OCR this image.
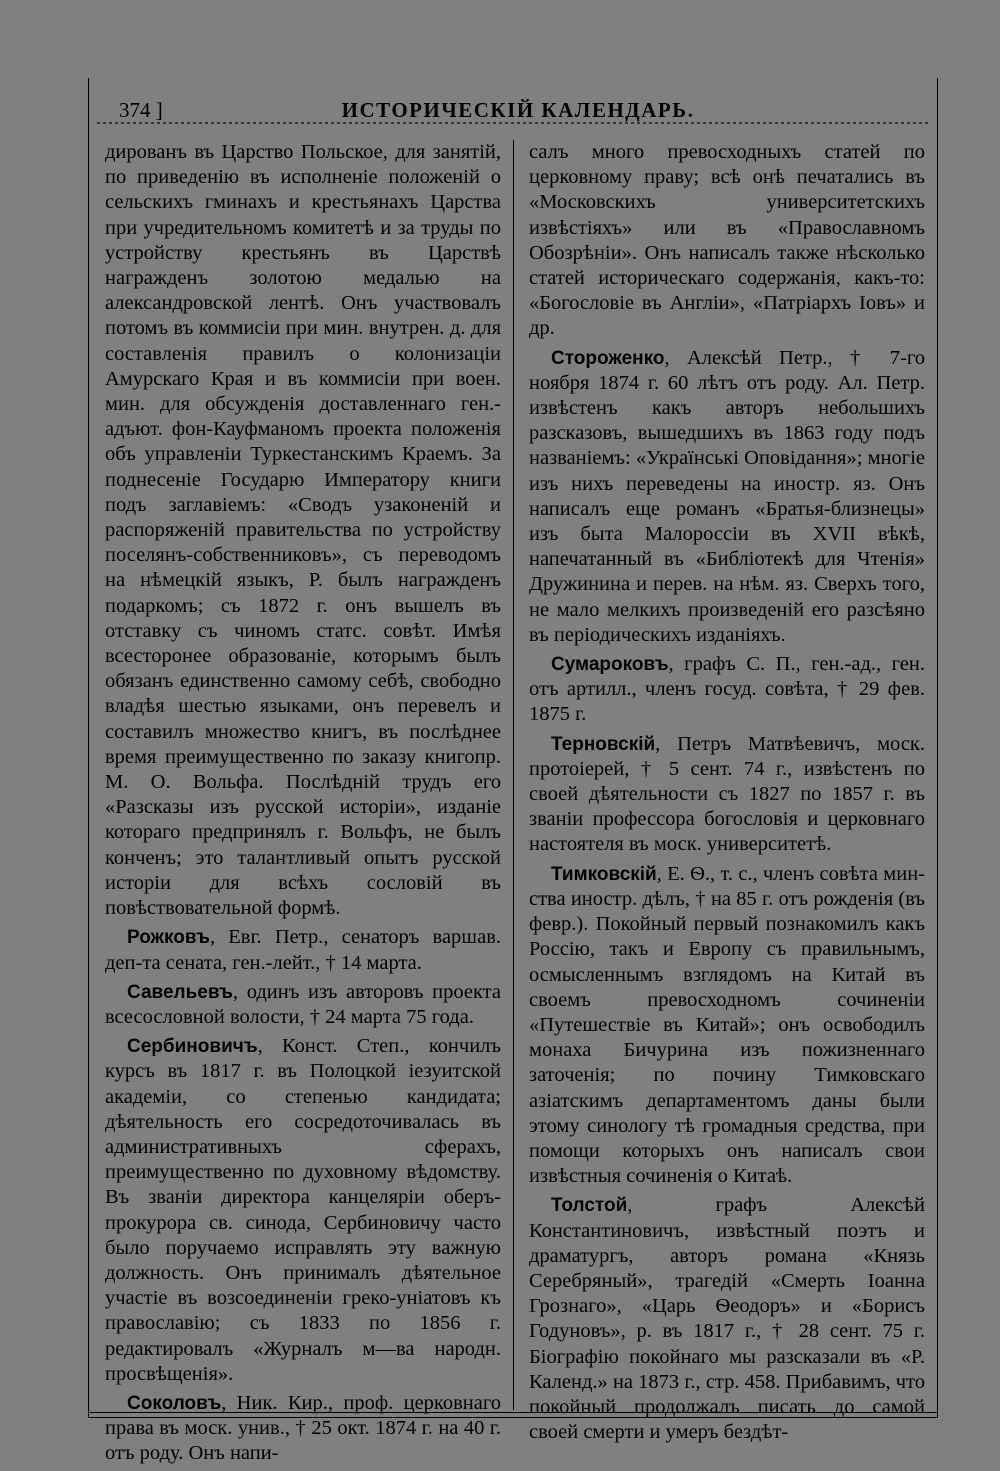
374 ]	ИСТОРИЧЕСКІЙ КАЛЕНДАРЬ.

дированъ въ Царство Польское, для занятій, по приведенію въ исполненіе положеній о сельскихъ гминахъ и крестьянахъ Царства при учредительномъ комитетѣ и за труды по устройству крестьянъ въ Царствѣ награжденъ золотою медалью на александровской лентѣ. Онъ участвовалъ потомъ въ коммисіи при мин. внутрен. д. для составленія правилъ о колонизаціи Амурскаго Края и въ коммисіи при воен. мин. для обсужденія доставленнаго ген.-адъют. фон-Кауфманомъ проекта положенія объ управленіи Туркестанскимъ Краемъ. За поднесеніе Государю Императору книги подъ заглавіемъ: «Сводъ узаконеній и распоряженій правительства по устройству поселянъ-собственниковъ», съ переводомъ на нѣмецкій языкъ, Р. былъ награжденъ подаркомъ; съ 1872 г. онъ вышелъ въ отставку съ чиномъ статс. совѣт. Имѣя всесторонее образованіе, которымъ былъ обязанъ единственно самому себѣ, свободно владѣя шестью языками, онъ перевелъ и составилъ множество книгъ, въ послѣднее время преимущественно по заказу книгопр. М. О. Вольфа. Послѣдній трудъ его «Разсказы изъ русской исторіи», изданіе котораго предпринялъ г. Вольфъ, не былъ конченъ; это талантливый опытъ русской исторіи для всѣхъ сословій въ повѣствовательной формѣ.

Рожковъ, Евг. Петр., сенаторъ варшав. деп-та сената, ген.-лейт., † 14 марта.

Савельевъ, одинъ изъ авторовъ проекта всесословной волости, † 24 марта 75 года.

Сербиновичъ, Конст. Степ., кончилъ курсъ въ 1817 г. въ Полоцкой іезуитской академіи, со степенью кандидата; дѣятельность его сосредоточивалась въ административныхъ сферахъ, преимущественно по духовному вѣдомству. Въ званіи директора канцеляріи оберъ-прокурора св. синода, Сербиновичу часто было поручаемо исправлять эту важную должность. Онъ принималъ дѣятельное участіе въ возсоединеніи греко-уніатовъ къ православію; съ 1833 по 1856 г. редактировалъ «Журналъ м—ва народн. просвѣщенія».

Соколовъ, Ник. Кир., проф. церковнаго права въ моск. унив., † 25 окт. 1874 г. на 40 г. отъ роду. Онъ напи-

салъ много превосходныхъ статей по церковному праву; всѣ онѣ печатались въ «Московскихъ университетскихъ извѣстіяхъ» или въ «Православномъ Обозрѣніи». Онъ написалъ также нѣсколько статей историческаго содержанія, какъ-то: «Богословіе въ Англіи», «Патріархъ Іовъ» и др.

Стороженко, Алексѣй Петр., † 7-го ноября 1874 г. 60 лѣтъ отъ роду. Ал. Петр. извѣстенъ какъ авторъ небольшихъ разсказовъ, вышедшихъ въ 1863 году подъ названіемъ: «Украïнські Оповідання»; многіе изъ нихъ переведены на иностр. яз. Онъ написалъ еще романъ «Братья-близнецы» изъ быта Малороссіи въ XVII вѣкѣ, напечатанный въ «Библіотекѣ для Чтенія» Дружинина и перев. на нѣм. яз. Сверхъ того, не мало мелкихъ произведеній его разсѣяно въ періодическихъ изданіяхъ.

Сумароковъ, графъ С. П., ген.-ад., ген. отъ артилл., членъ госуд. совѣта, † 29 фев. 1875 г.

Терновскій, Петръ Матвѣевичъ, моск. протоіерей, † 5 сент. 74 г., извѣстенъ по своей дѣятельности съ 1827 по 1857 г. въ званіи профессора богословія и церковнаго настоятеля въ моск. университетѣ.

Тимковскій, Е. Ѳ., т. с., членъ совѣта мин-ства иностр. дѣлъ, † на 85 г. отъ рожденія (въ февр.). Покойный первый познакомилъ какъ Россію, такъ и Европу съ правильнымъ, осмысленнымъ взглядомъ на Китай въ своемъ превосходномъ сочиненіи «Путешествіе въ Китай»; онъ освободилъ монаха Бичурина изъ пожизненнаго заточенія; по почину Тимковскаго азіатскимъ департаментомъ даны были этому синологу тѣ громадныя средства, при помощи которыхъ онъ написалъ свои извѣстныя сочиненія о Китаѣ.

Толстой, графъ Алексѣй Константиновичъ, извѣстный поэтъ и драматургъ, авторъ романа «Князь Серебряный», трагедій «Смерть Іоанна Грознаго», «Царь Ѳеодоръ» и «Борисъ Годуновъ», р. въ 1817 г., † 28 сент. 75 г. Біографію покойнаго мы разсказали въ «Р. Календ.» на 1873 г., стр. 458. Прибавимъ, что покойный продолжалъ писать до самой своей смерти и умеръ бездѣт-
